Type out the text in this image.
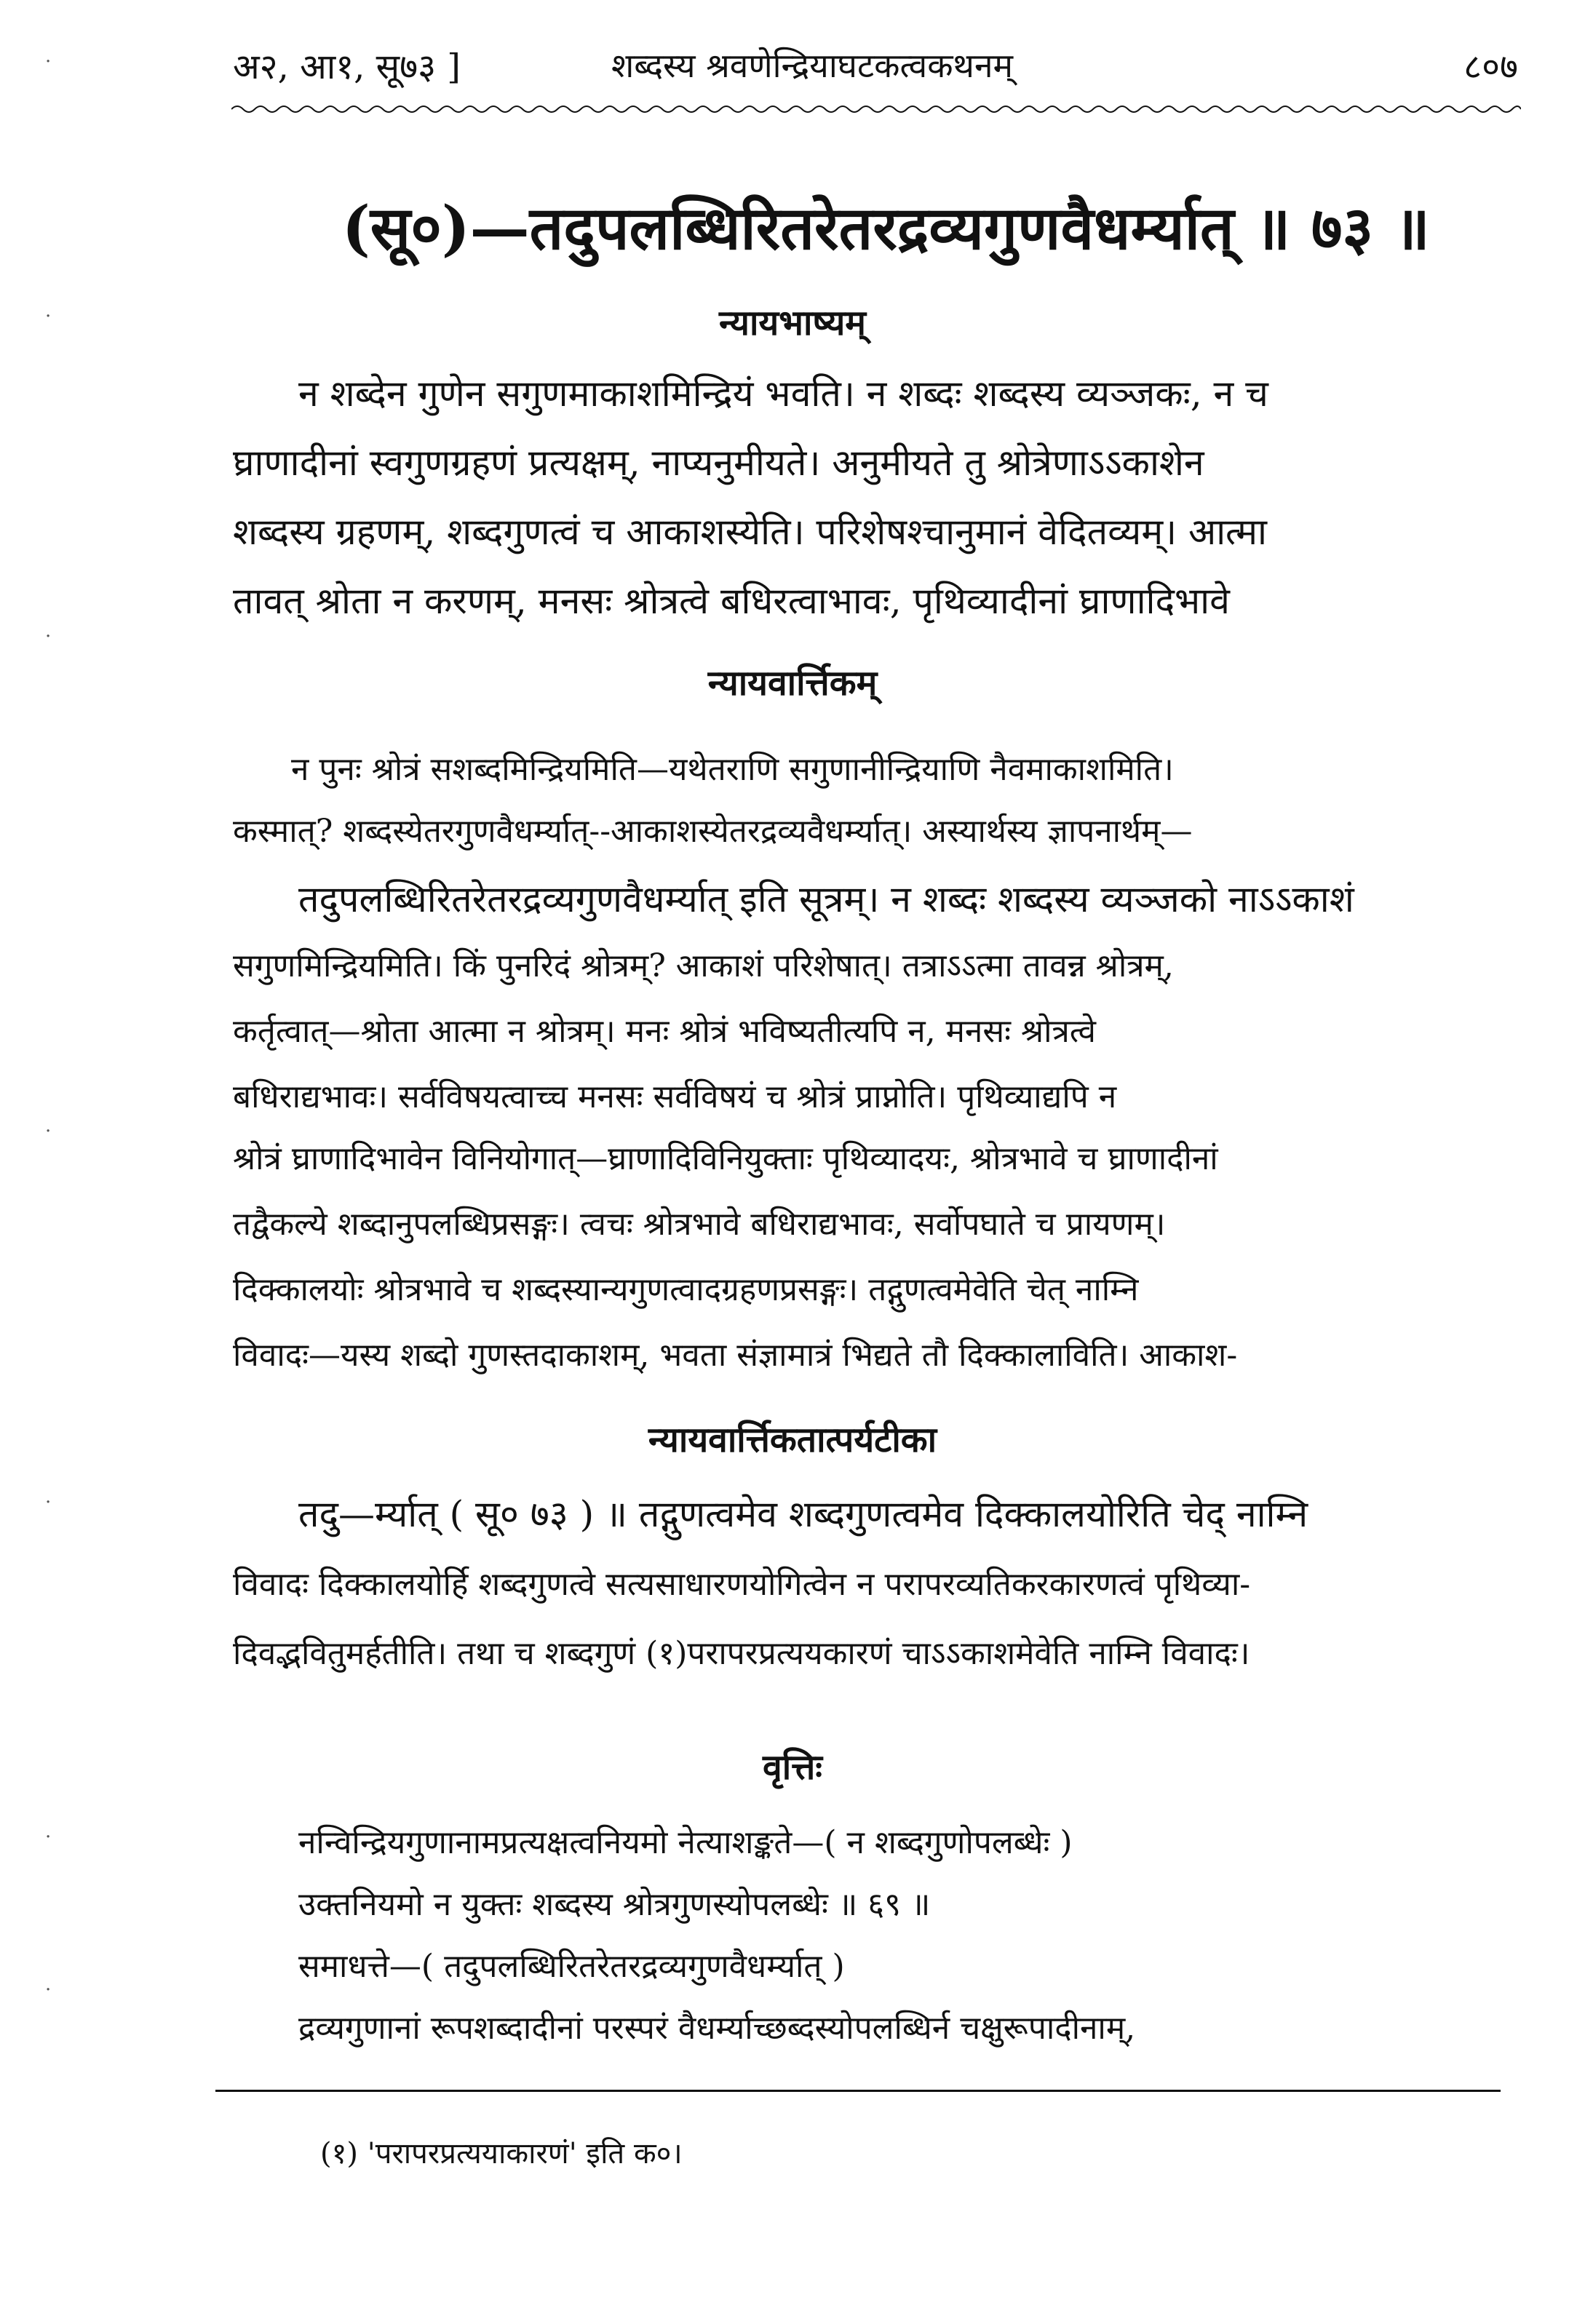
अ२, आ१, सू७३ ]	शब्दस्य श्रवणेन्द्रियाघटकत्वकथनम्	८०७
(सू०)—तदुपलब्धिरितरेतरद्रव्यगुणवैधर्म्यात् ॥ ७३ ॥
न्यायभाष्यम्
न शब्देन गुणेन सगुणमाकाशमिन्द्रियं भवति। न शब्दः शब्दस्य व्यञ्जकः, न च
घ्राणादीनां स्वगुणग्रहणं प्रत्यक्षम्, नाप्यनुमीयते। अनुमीयते तु श्रोत्रेणाऽऽकाशेन
शब्दस्य ग्रहणम्, शब्दगुणत्वं च आकाशस्येति। परिशेषश्चानुमानं वेदितव्यम्। आत्मा
तावत् श्रोता न करणम्, मनसः श्रोत्रत्वे बधिरत्वाभावः, पृथिव्यादीनां घ्राणादिभावे
न्यायवार्त्तिकम्
न पुनः श्रोत्रं सशब्दमिन्द्रियमिति—यथेतराणि सगुणानीन्द्रियाणि नैवमाकाशमिति।
कस्मात्? शब्दस्येतरगुणवैधर्म्यात्--आकाशस्येतरद्रव्यवैधर्म्यात्। अस्यार्थस्य ज्ञापनार्थम्—
तदुपलब्धिरितरेतरद्रव्यगुणवैधर्म्यात् इति सूत्रम्। न शब्दः शब्दस्य व्यञ्जको नाऽऽकाशं
सगुणमिन्द्रियमिति। किं पुनरिदं श्रोत्रम्? आकाशं परिशेषात्। तत्राऽऽत्मा तावन्न श्रोत्रम्,
कर्तृत्वात्—श्रोता आत्मा न श्रोत्रम्। मनः श्रोत्रं भविष्यतीत्यपि न, मनसः श्रोत्रत्वे
बधिराद्यभावः। सर्वविषयत्वाच्च मनसः सर्वविषयं च श्रोत्रं प्राप्नोति। पृथिव्याद्यपि न
श्रोत्रं घ्राणादिभावेन विनियोगात्—घ्राणादिविनियुक्ताः पृथिव्यादयः, श्रोत्रभावे च घ्राणादीनां
तद्वैकल्ये शब्दानुपलब्धिप्रसङ्गः। त्वचः श्रोत्रभावे बधिराद्यभावः, सर्वोपघाते च प्रायणम्।
दिक्कालयोः श्रोत्रभावे च शब्दस्यान्यगुणत्वादग्रहणप्रसङ्गः। तद्गुणत्वमेवेति चेत् नाम्नि
विवादः—यस्य शब्दो गुणस्तदाकाशम्, भवता संज्ञामात्रं भिद्यते तौ दिक्कालाविति। आकाश-
न्यायवार्त्तिकतात्पर्यटीका
तदु—र्म्यात् ( सू० ७३ ) ॥ तद्गुणत्वमेव शब्दगुणत्वमेव दिक्कालयोरिति चेद् नाम्नि
विवादः दिक्कालयोर्हि शब्दगुणत्वे सत्यसाधारणयोगित्वेन न परापरव्यतिकरकारणत्वं पृथिव्या-
दिवद्भवितुमर्हतीति। तथा च शब्दगुणं (१)परापरप्रत्ययकारणं चाऽऽकाशमेवेति नाम्नि विवादः।
वृत्तिः
नन्विन्द्रियगुणानामप्रत्यक्षत्वनियमो नेत्याशङ्कते—( न शब्दगुणोपलब्धेः )
उक्तनियमो न युक्तः शब्दस्य श्रोत्रगुणस्योपलब्धेः ॥ ६९ ॥
समाधत्ते—( तदुपलब्धिरितरेतरद्रव्यगुणवैधर्म्यात् )
द्रव्यगुणानां रूपशब्दादीनां परस्परं वैधर्म्याच्छब्दस्योपलब्धिर्न चक्षुरूपादीनाम्,
(१) 'परापरप्रत्ययाकारणं' इति क०।
·
·
·
·
·
·
·
